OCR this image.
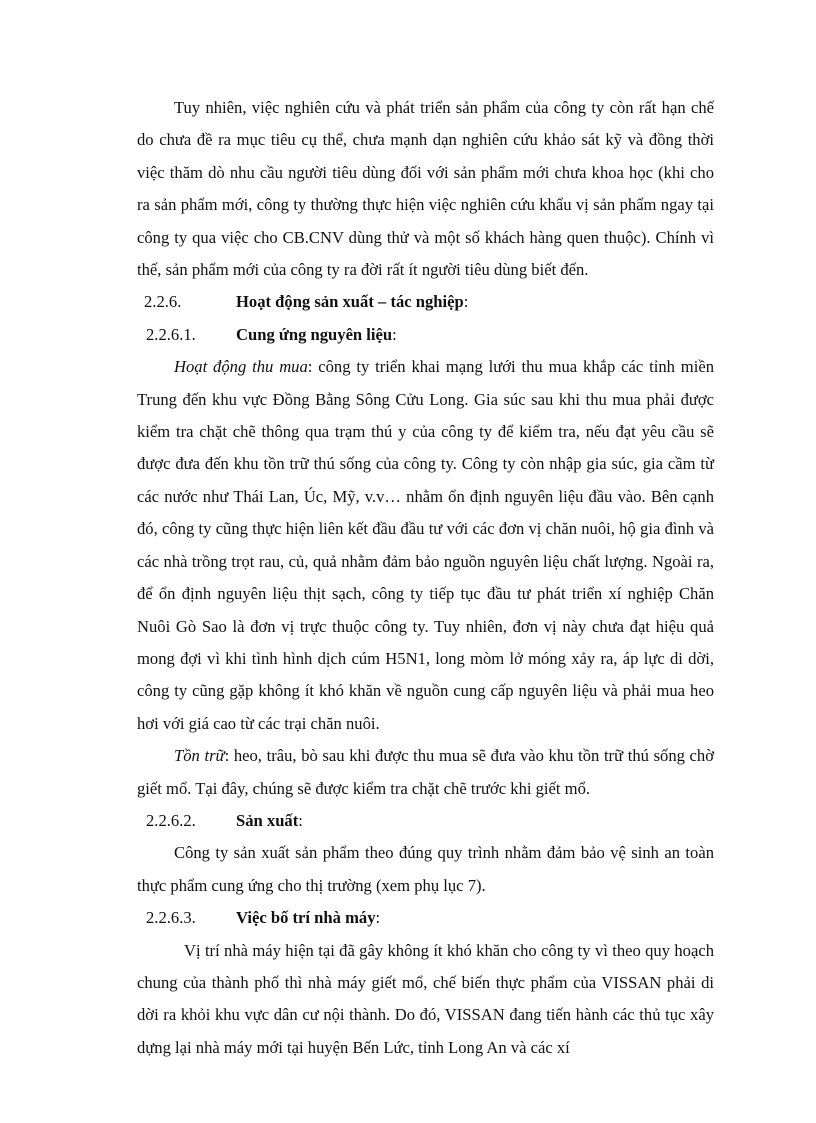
Tuy nhiên, việc nghiên cứu và phát triển sản phẩm của công ty còn rất hạn chế do chưa đề ra mục tiêu cụ thể, chưa mạnh dạn nghiên cứu khảo sát kỹ và đồng thời việc thăm dò nhu cầu người tiêu dùng đối với sản phẩm mới chưa khoa học (khi cho ra sản phẩm mới, công ty thường thực hiện việc nghiên cứu khẩu vị sản phẩm ngay tại công ty qua việc cho CB.CNV dùng thử và một số khách hàng quen thuộc). Chính vì thế, sản phẩm mới của công ty ra đời rất ít người tiêu dùng biết đến.

2.2.6.	Hoạt động sản xuất – tác nghiệp:

2.2.6.1. Cung ứng nguyên liệu:

Hoạt động thu mua: công ty triển khai mạng lưới thu mua khắp các tỉnh miền Trung đến khu vực Đồng Bằng Sông Cửu Long. Gia súc sau khi thu mua phải được kiểm tra chặt chẽ thông qua trạm thú y của công ty để kiểm tra, nếu đạt yêu cầu sẽ được đưa đến khu tồn trữ thú sống của công ty. Công ty còn nhập gia súc, gia cầm từ các nước như Thái Lan, Úc, Mỹ, v.v… nhằm ổn định nguyên liệu đầu vào. Bên cạnh đó, công ty cũng thực hiện liên kết đầu đầu tư với các đơn vị chăn nuôi, hộ gia đình và các nhà trồng trọt rau, củ, quả nhằm đảm bảo nguồn nguyên liệu chất lượng. Ngoài ra, để ổn định nguyên liệu thịt sạch, công ty tiếp tục đầu tư phát triển xí nghiệp Chăn Nuôi Gò Sao là đơn vị trực thuộc công ty. Tuy nhiên, đơn vị này chưa đạt hiệu quả mong đợi vì khi tình hình dịch cúm H5N1, long mòm lở móng xảy ra, áp lực di dời, công ty cũng gặp không ít khó khăn về nguồn cung cấp nguyên liệu và phải mua heo hơi với giá cao từ các trại chăn nuôi.

Tồn trữ: heo, trâu, bò sau khi được thu mua sẽ đưa vào khu tồn trữ thú sống chờ giết mổ. Tại đây, chúng sẽ được kiểm tra chặt chẽ trước khi giết mổ.

2.2.6.2. Sản xuất:

Công ty sản xuất sản phẩm theo đúng quy trình nhằm đảm bảo vệ sinh an toàn thực phẩm cung ứng cho thị trường (xem phụ lục 7).

2.2.6.3. Việc bố trí nhà máy:

Vị trí nhà máy hiện tại đã gây không ít khó khăn cho công ty vì theo quy hoạch chung của thành phố thì nhà máy giết mổ, chế biến thực phẩm của VISSAN phải di dời ra khỏi khu vực dân cư nội thành. Do đó, VISSAN đang tiến hành các thủ tục xây dựng lại nhà máy mới tại huyện Bến Lức, tỉnh Long An và các xí
